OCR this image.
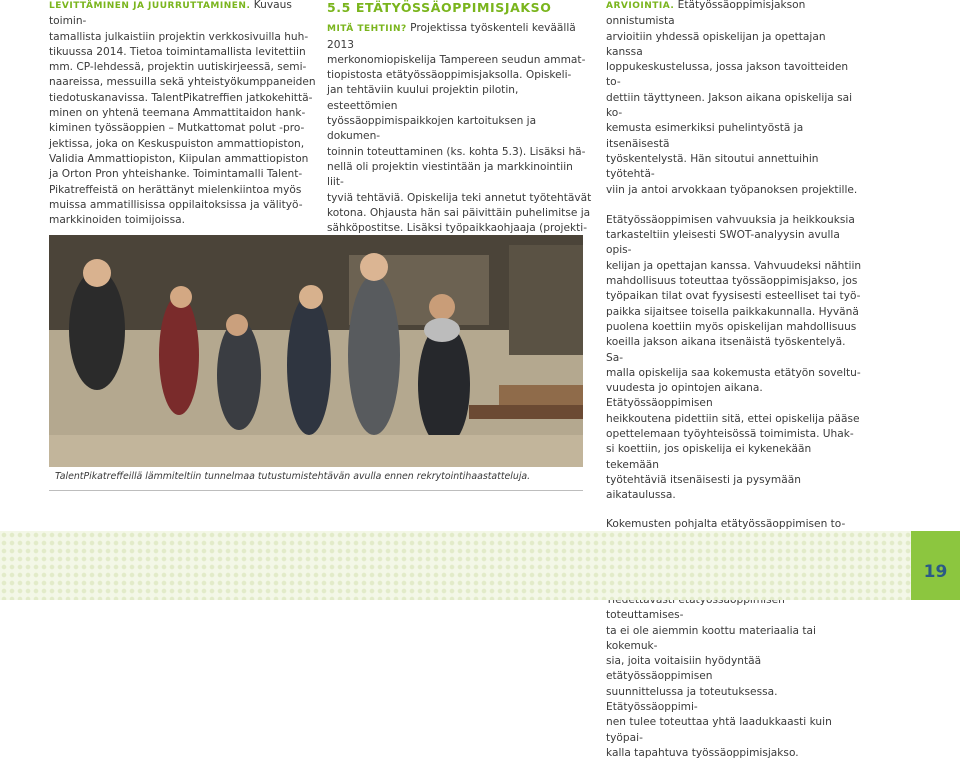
LEVITTÄMINEN JA JUURRUTTAMINEN. Kuvaus toimin-
tamallista julkaistiin projektin verkkosivuilla huh-
tikuussa 2014. Tietoa toimintamallista levitettiin
mm. CP-lehdessä, projektin uutiskirjeessä, semi-
naareissa, messuilla sekä yhteistyökumppaneiden
tiedotuskanavissa. TalentPikatreffien jatkokehittä-
minen on yhtenä teemana Ammattitaidon hank-
kiminen työssäoppien – Mutkattomat polut -pro-
jektissa, joka on Keskuspuiston ammattiopiston,
Validia Ammattiopiston, Kiipulan ammattiopiston
ja Orton Pron yhteishanke. Toimintamalli Talent-
Pikatreffeistä on herättänyt mielenkiintoa myös
muissa ammatillisissa oppilaitoksissa ja välityö-
markkinoiden toimijoissa.

5.5 ETÄTYÖSSÄOPPIMISJAKSO

MITÄ TEHTIIN? Projektissa työskenteli keväällä 2013
merkonomiopiskelija Tampereen seudun ammat-
tiopistosta etätyössäoppimisjaksolla. Opiskeli-
jan tehtäviin kuului projektin pilotin, esteettömien
työssäoppimispaikkojen kartoituksen ja dokumen-
toinnin toteuttaminen (ks. kohta 5.3). Lisäksi hä-
nellä oli projektin viestintään ja markkinointiin liit-
tyviä tehtäviä. Opiskelija teki annetut työtehtävät
kotona. Ohjausta hän sai päivittäin puhelimitse ja
sähköpostitse. Lisäksi työpaikkaohjaaja (projekti-

ARVIOINTIA. Etätyössäoppimisjakson onnistumista
arvioitiin yhdessä opiskelijan ja opettajan kanssa
loppukeskustelussa, jossa jakson tavoitteiden to-
dettiin täyttyneen. Jakson aikana opiskelija sai ko-
kemusta esimerkiksi puhelintyöstä ja itsenäisestä
työskentelystä. Hän sitoutui annettuihin työtehtä-
viin ja antoi arvokkaan työpanoksen projektille.

Etätyössäoppimisen vahvuuksia ja heikkouksia
tarkasteltiin yleisesti SWOT-analyysin avulla opis-
kelijan ja opettajan kanssa. Vahvuudeksi nähtiin
mahdollisuus toteuttaa työssäoppimisjakso, jos
työpaikan tilat ovat fyysisesti esteelliset tai työ-
paikka sijaitsee toisella paikkakunnalla. Hyvänä
puolena koettiin myös opiskelijan mahdollisuus
koeilla jakson aikana itsenäistä työskentelyä. Sa-
malla opiskelija saa kokemusta etätyön soveltu-
vuudesta jo opintojen aikana. Etätyössäoppimisen
heikkoutena pidettiin sitä, ettei opiskelija pääse
opettelemaan työyhteisössä toimimista. Uhak-
si koettiin, jos opiskelija ei kykenekään tekemään
työtehtäviä itsenäisesti ja pysymään aikataulussa.

Kokemusten pohjalta etätyössäoppimisen to-

toteuttamises-
ta ei ole aiemmin koottu materiaalia tai kokemuk-
sia, joita voitaisiin hyödyntää etätyössäoppimisen
suunnittelussa ja toteutuksessa. Etätyössäoppimi-
nen tulee toteuttaa yhtä laadukkaasti kuin työpai-
kalla tapahtuva työssäoppimisjakso.

TalentPikatreffeillä lämmiteltiin tunnelmaa tutustumistehtävän avulla ennen rekrytointihaastatteluja.
19
